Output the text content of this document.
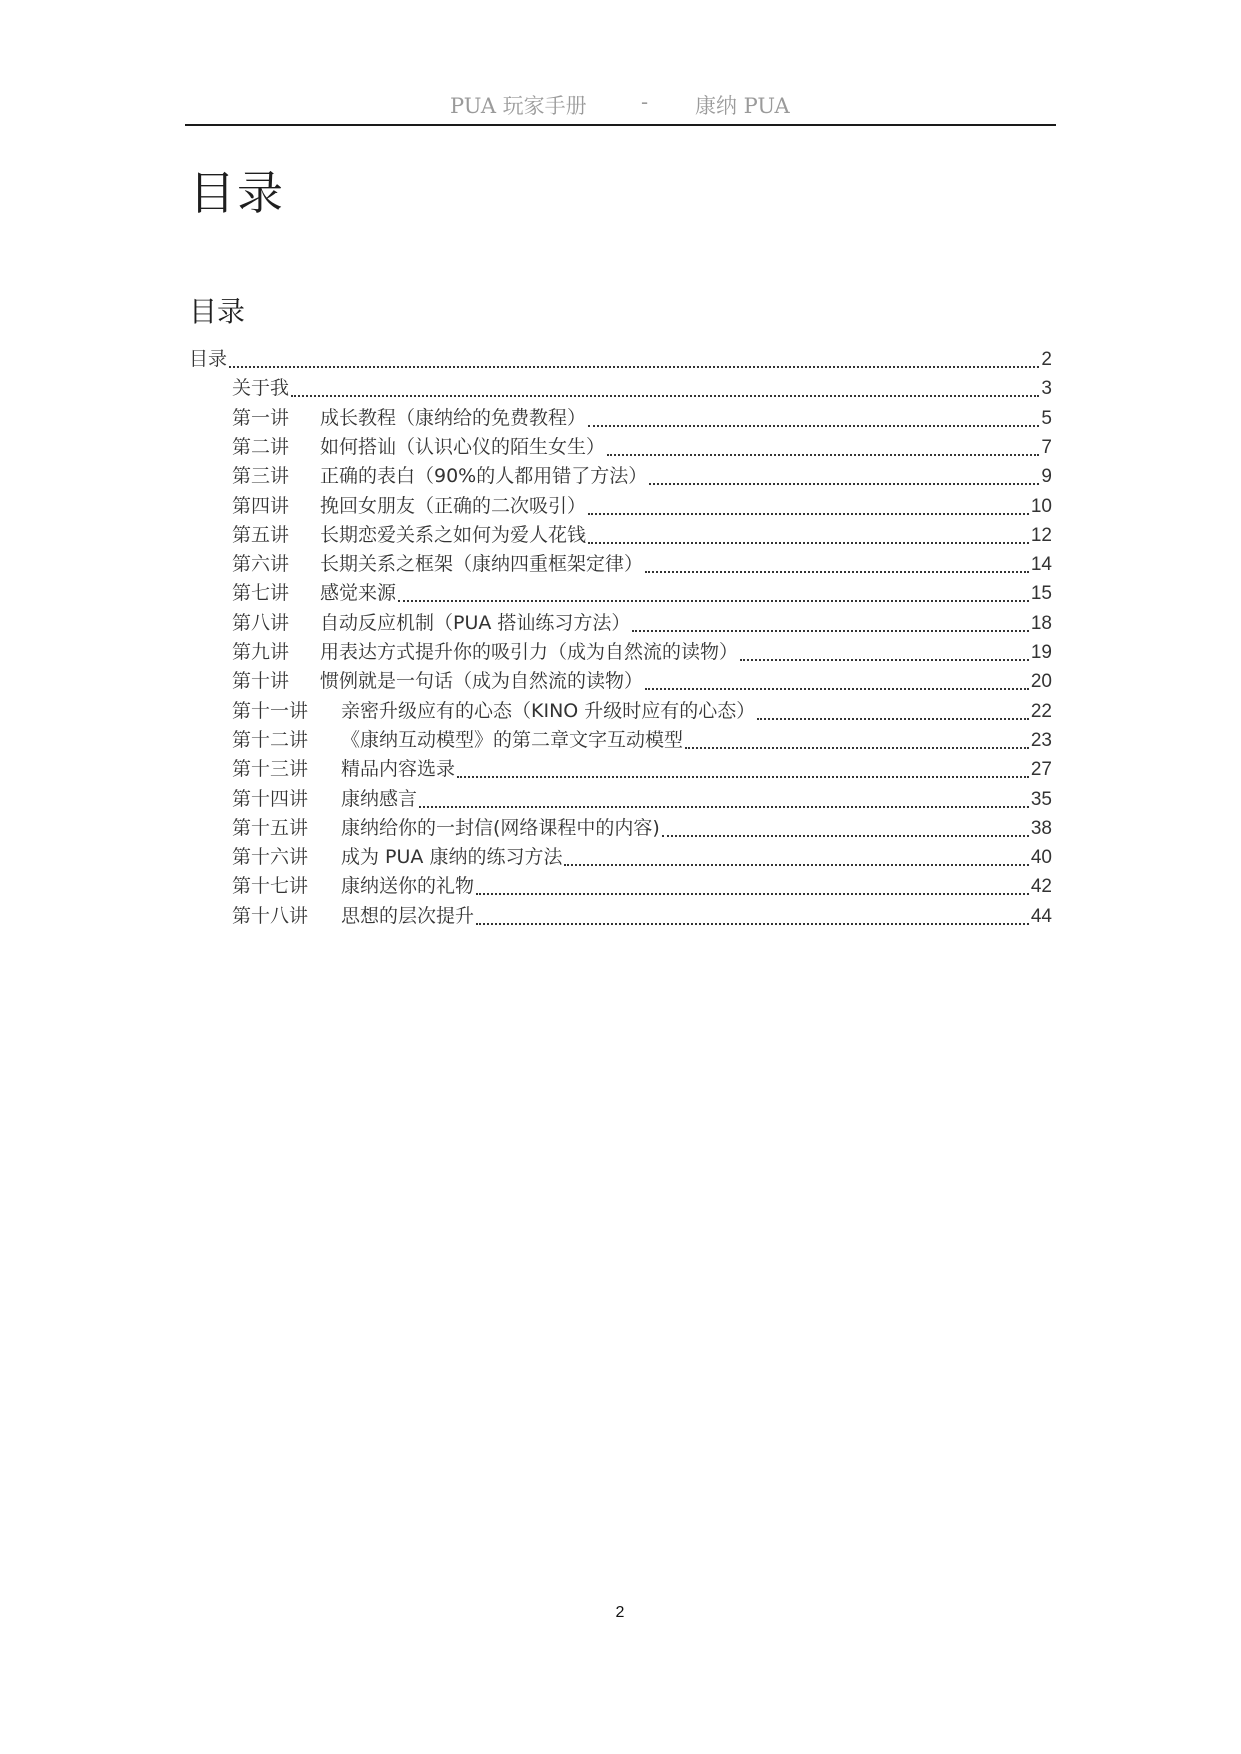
PUA 玩家手册	- 康纳 PUA
目录
目录
目录	2
关于我	3
第一讲	成长教程（康纳给的免费教程）	5
第二讲	如何搭讪（认识心仪的陌生女生）	7
第三讲	正确的表白（90%的人都用错了方法）	9
第四讲	挽回女朋友（正确的二次吸引）	10
第五讲	长期恋爱关系之如何为爱人花钱	12
第六讲	长期关系之框架（康纳四重框架定律）	14
第七讲	感觉来源	15
第八讲	自动反应机制（PUA 搭讪练习方法）	18
第九讲	用表达方式提升你的吸引力（成为自然流的读物）	19
第十讲	惯例就是一句话（成为自然流的读物）	20
第十一讲	亲密升级应有的心态（KINO 升级时应有的心态）	22
第十二讲	《康纳互动模型》的第二章文字互动模型	23
第十三讲	精品内容选录	27
第十四讲	康纳感言	35
第十五讲	康纳给你的一封信(网络课程中的内容)	38
第十六讲	成为 PUA 康纳的练习方法	40
第十七讲	康纳送你的礼物	42
第十八讲	思想的层次提升	44
2
